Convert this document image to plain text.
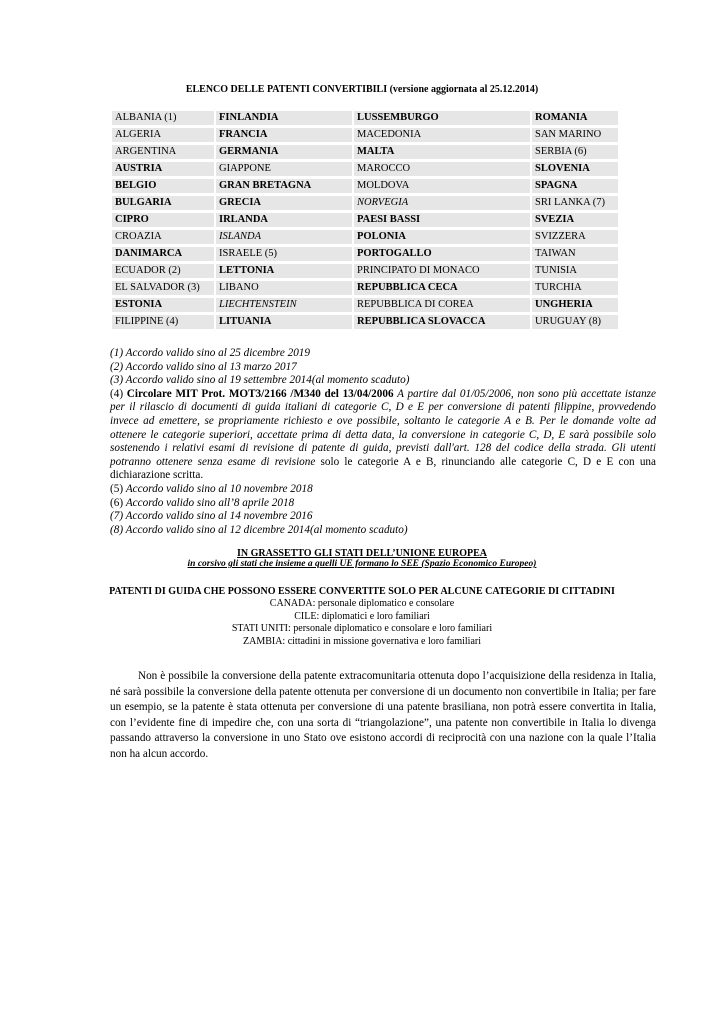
ELENCO DELLE PATENTI CONVERTIBILI (versione aggiornata al 25.12.2014)
ALBANIA (1)	FINLANDIA	LUSSEMBURGO	ROMANIA
ALGERIA	FRANCIA	MACEDONIA	SAN MARINO
ARGENTINA	GERMANIA	MALTA	SERBIA (6)
AUSTRIA	GIAPPONE	MAROCCO	SLOVENIA
BELGIO	GRAN BRETAGNA	MOLDOVA	SPAGNA
BULGARIA	GRECIA	NORVEGIA	SRI LANKA (7)
CIPRO	IRLANDA	PAESI BASSI	SVEZIA
CROAZIA	ISLANDA	POLONIA	SVIZZERA
DANIMARCA	ISRAELE (5)	PORTOGALLO	TAIWAN
ECUADOR (2)	LETTONIA	PRINCIPATO DI MONACO	TUNISIA
EL SALVADOR (3)	LIBANO	REPUBBLICA CECA	TURCHIA
ESTONIA	LIECHTENSTEIN	REPUBBLICA DI COREA	UNGHERIA
FILIPPINE (4)	LITUANIA	REPUBBLICA SLOVACCA	URUGUAY (8)

(1) Accordo valido sino al 25 dicembre 2019

(2) Accordo valido sino al 13 marzo 2017

(3) Accordo valido sino al 19 settembre 2014(al momento scaduto)

(4) Circolare MIT Prot. MOT3/2166 /M340 del 13/04/2006 A partire dal 01/05/2006, non sono più accettate istanze per il rilascio di documenti di guida italiani di categorie C, D e E per conversione di patenti filippine, provvedendo invece ad emettere, se propriamente richiesto e ove possibile, soltanto le categorie A e B. Per le domande volte ad ottenere le categorie superiori, accettate prima di detta data, la conversione in categorie C, D, E sarà possibile solo sostenendo i relativi esami di revisione di patente di guida, previsti dall'art. 128 del codice della strada. Gli utenti potranno ottenere senza esame di revisione solo le categorie A e B, rinunciando alle categorie C, D e E con una dichiarazione scritta.

(5) Accordo valido sino al 10 novembre 2018

(6) Accordo valido sino all’8 aprile 2018

(7) Accordo valido sino al 14 novembre 2016

(8) Accordo valido sino al 12 dicembre 2014(al momento scaduto)

IN GRASSETTO GLI STATI DELL’UNIONE EUROPEA
in corsivo gli stati che insieme a quelli UE formano lo SEE (Spazio Economico Europeo)
PATENTI DI GUIDA CHE POSSONO ESSERE CONVERTITE SOLO PER ALCUNE CATEGORIE DI CITTADINI
CANADA: personale diplomatico e consolare
CILE: diplomatici e loro familiari
STATI UNITI: personale diplomatico e consolare e loro familiari
ZAMBIA: cittadini in missione governativa e loro familiari
Non è possibile la conversione della patente extracomunitaria ottenuta dopo l’acquisizione della residenza in Italia, né sarà possibile la conversione della patente ottenuta per conversione di un documento non convertibile in Italia; per fare un esempio, se la patente è stata ottenuta per conversione di una patente brasiliana, non potrà essere convertita in Italia, con l’evidente fine di impedire che, con una sorta di “triangolazione”, una patente non convertibile in Italia lo divenga passando attraverso la conversione in uno Stato ove esistono accordi di reciprocità con una nazione con la quale l’Italia non ha alcun accordo.
